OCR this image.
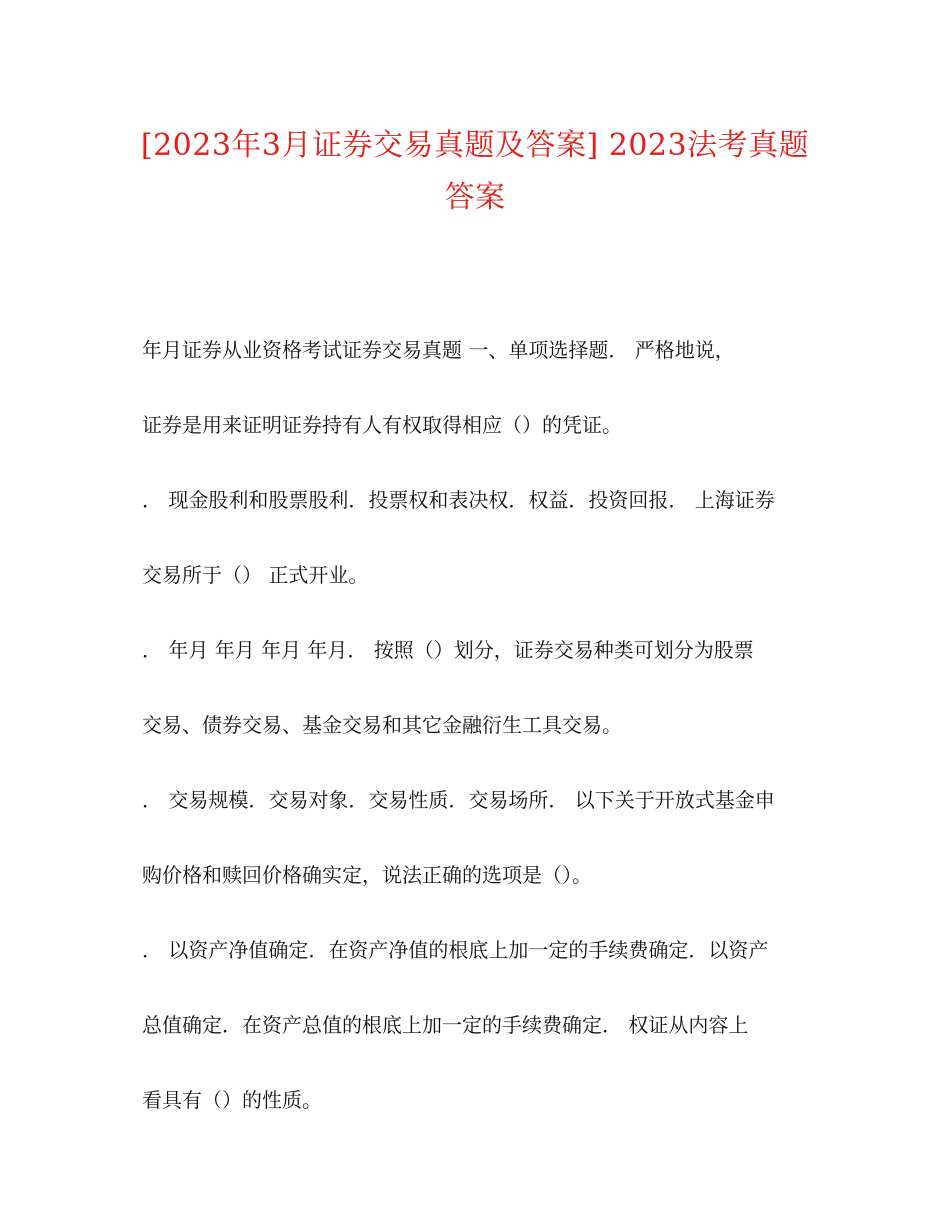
[2023年3月证券交易真题及答案] 2023法考真题答案
年月证券从业资格考试证券交易真题 一、单项选择题． 严格地说，
证券是用来证明证券持有人有权取得相应（）的凭证。
． 现金股利和股票股利．投票权和表决权．权益．投资回报． 上海证券
交易所于（） 正式开业。
． 年月 年月 年月 年月． 按照（）划分，证券交易种类可划分为股票
交易、债券交易、基金交易和其它金融衍生工具交易。
． 交易规模．交易对象．交易性质．交易场所． 以下关于开放式基金申
购价格和赎回价格确实定，说法正确的选项是（）。
． 以资产净值确定．在资产净值的根底上加一定的手续费确定．以资产
总值确定．在资产总值的根底上加一定的手续费确定． 权证从内容上
看具有（）的性质。
